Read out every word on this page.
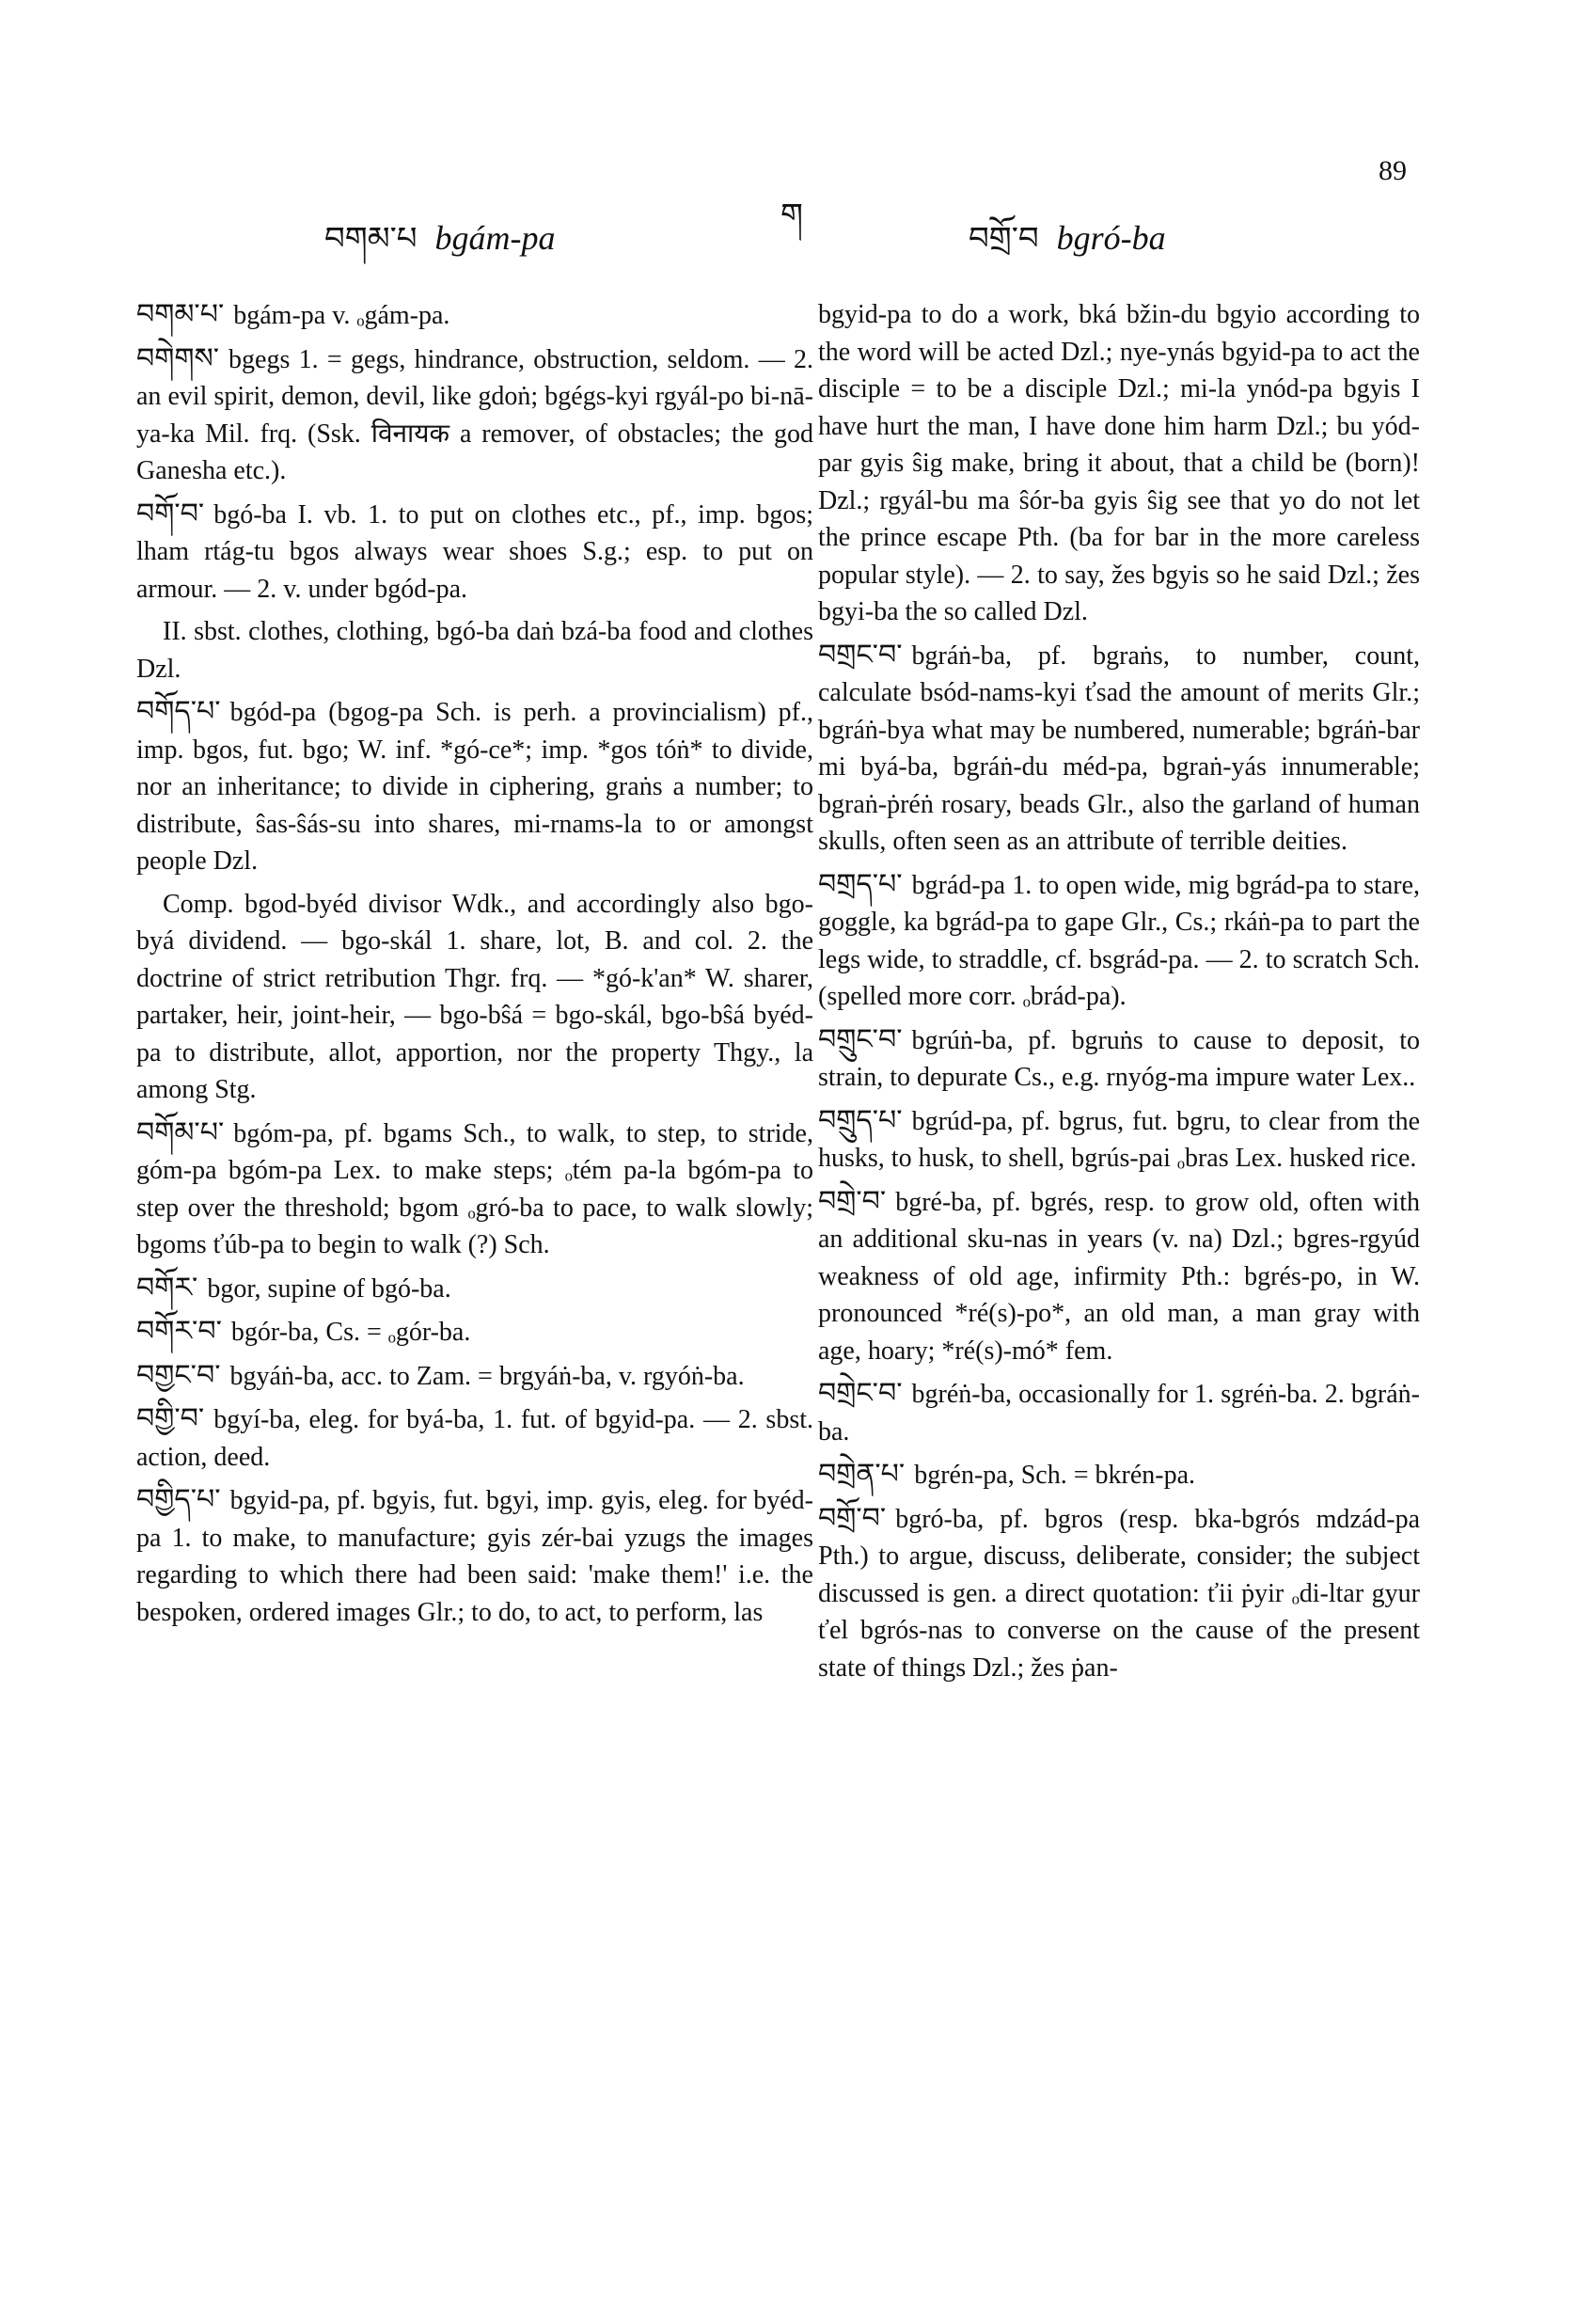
89
བགམ་པ bgám-pa
ག
བགྲོ་བ bgró-ba

བགམ་པ་ bgám-pa v. ₒgám-pa.

བགེགས་ bgegs 1. = gegs, hindrance, obstruction, seldom. — 2. an evil spirit, demon, devil, like gdoṅ; bgégs-kyi rgyál-po bi-nā-ya-ka Mil. frq. (Ssk. विनायक a remover, of obstacles; the god Ganesha etc.).

བགོ་བ་ bgó-ba I. vb. 1. to put on clothes etc., pf., imp. bgos; lham rtág-tu bgos always wear shoes S.g.; esp. to put on armour. — 2. v. under bgód-pa.

II. sbst. clothes, clothing, bgó-ba daṅ bzá-ba food and clothes Dzl.

བགོད་པ་ bgód-pa (bgog-pa Sch. is perh. a provincialism) pf., imp. bgos, fut. bgo; W. inf. *gó-ce*; imp. *gos tóṅ* to divide, nor an inheritance; to divide in ciphering, graṅs a number; to distribute, ŝas-ŝás-su into shares, mi-rnams-la to or amongst people Dzl.

Comp. bgod-byéd divisor Wdk., and accordingly also bgo-byá dividend. — bgo-skál 1. share, lot, B. and col. 2. the doctrine of strict retribution Thgr. frq. — *gó-k'an* W. sharer, partaker, heir, joint-heir, — bgo-bŝá = bgo-skál, bgo-bŝá byéd-pa to distribute, allot, apportion, nor the property Thgy., la among Stg.

བགོམ་པ་ bgóm-pa, pf. bgams Sch., to walk, to step, to stride, góm-pa bgóm-pa Lex. to make steps; ₒtém pa-la bgóm-pa to step over the threshold; bgom ₒgró-ba to pace, to walk slowly; bgoms ťúb-pa to begin to walk (?) Sch.

བགོར་ bgor, supine of bgó-ba.

བགོར་བ་ bgór-ba, Cs. = ₒgór-ba.

བགྱང་བ་ bgyáṅ-ba, acc. to Zam. = brgyáṅ-ba, v. rgyóṅ-ba.

བགྱི་བ་ bgyí-ba, eleg. for byá-ba, 1. fut. of bgyid-pa. — 2. sbst. action, deed.

བགྱིད་པ་ bgyid-pa, pf. bgyis, fut. bgyi, imp. gyis, eleg. for byéd-pa 1. to make, to manufacture; gyis zér-bai yzugs the images regarding to which there had been said: 'make them!' i.e. the bespoken, ordered images Glr.; to do, to act, to perform, las

bgyid-pa to do a work, bká bžin-du bgyio according to the word will be acted Dzl.; nye-ynás bgyid-pa to act the disciple = to be a disciple Dzl.; mi-la ynód-pa bgyis I have hurt the man, I have done him harm Dzl.; bu yód-par gyis ŝig make, bring it about, that a child be (born)! Dzl.; rgyál-bu ma ŝór-ba gyis ŝig see that yo do not let the prince escape Pth. (ba for bar in the more careless popular style). — 2. to say, žes bgyis so he said Dzl.; žes bgyi-ba the so called Dzl.

བགྲང་བ་ bgráṅ-ba, pf. bgraṅs, to number, count, calculate bsód-nams-kyi ťsad the amount of merits Glr.; bgráṅ-bya what may be numbered, numerable; bgráṅ-bar mi byá-ba, bgráṅ-du méd-pa, bgraṅ-yás innumerable; bgraṅ-ṗréṅ rosary, beads Glr., also the garland of human skulls, often seen as an attribute of terrible deities.

བགྲད་པ་ bgrád-pa 1. to open wide, mig bgrád-pa to stare, goggle, ka bgrád-pa to gape Glr., Cs.; rkáṅ-pa to part the legs wide, to straddle, cf. bsgrád-pa. — 2. to scratch Sch. (spelled more corr. ₒbrád-pa).

བགྲུང་བ་ bgrúṅ-ba, pf. bgruṅs to cause to deposit, to strain, to depurate Cs., e.g. rnyóg-ma impure water Lex..

བགྲུད་པ་ bgrúd-pa, pf. bgrus, fut. bgru, to clear from the husks, to husk, to shell, bgrús-pai ₒbras Lex. husked rice.

བགྲེ་བ་ bgré-ba, pf. bgrés, resp. to grow old, often with an additional sku-nas in years (v. na) Dzl.; bgres-rgyúd weakness of old age, infirmity Pth.: bgrés-po, in W. pronounced *ré(s)-po*, an old man, a man gray with age, hoary; *ré(s)-mó* fem.

བགྲེང་བ་ bgréṅ-ba, occasionally for 1. sgréṅ-ba. 2. bgráṅ-ba.

བགྲེན་པ་ bgrén-pa, Sch. = bkrén-pa.

བགྲོ་བ་ bgró-ba, pf. bgros (resp. bka-bgrós mdzád-pa Pth.) to argue, discuss, deliberate, consider; the subject discussed is gen. a direct quotation: ťii ṗyir ₒdi-ltar gyur ťel bgrós-nas to converse on the cause of the present state of things Dzl.; žes ṗan-
